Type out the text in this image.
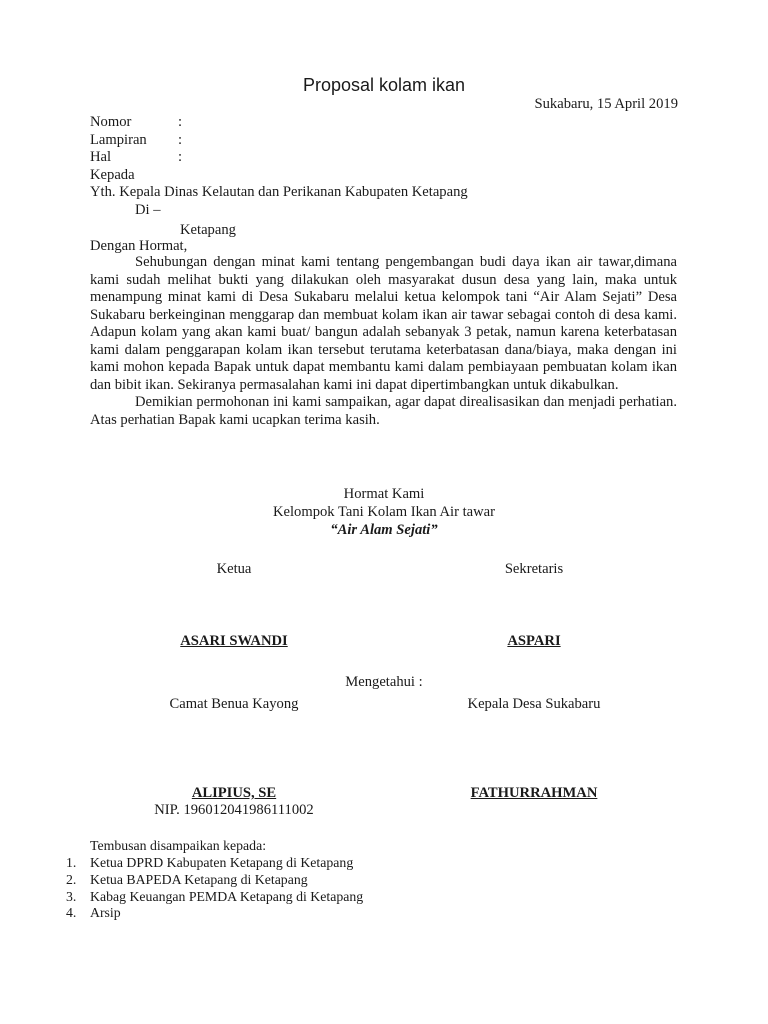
Proposal kolam ikan
Sukabaru, 15 April 2019
Nomor	:
Lampiran	:
Hal	:
Kepada
Yth. Kepala Dinas Kelautan dan Perikanan Kabupaten Ketapang
Di –
Ketapang
Dengan Hormat,

Sehubungan dengan minat kami tentang pengembangan budi daya ikan air tawar,dimana kami sudah melihat bukti yang dilakukan oleh masyarakat dusun desa yang lain, maka untuk menampung minat kami di Desa Sukabaru melalui ketua kelompok tani “Air Alam Sejati” Desa Sukabaru berkeinginan menggarap dan membuat kolam ikan air tawar sebagai contoh di desa kami. Adapun kolam yang akan kami buat/ bangun adalah sebanyak 3 petak, namun karena keterbatasan kami dalam penggarapan kolam ikan tersebut terutama keterbatasan dana/biaya, maka dengan ini kami mohon kepada Bapak untuk dapat membantu kami dalam pembiayaan pembuatan kolam ikan dan bibit ikan. Sekiranya permasalahan kami ini dapat dipertimbangkan untuk dikabulkan.

Demikian permohonan ini kami sampaikan, agar dapat direalisasikan dan menjadi perhatian. Atas perhatian Bapak kami ucapkan terima kasih.

Hormat Kami
Kelompok Tani Kolam Ikan Air tawar
“Air Alam Sejati”
Ketua	Sekretaris
ASARI SWANDI	ASPARI
Mengetahui :
Camat Benua Kayong	Kepala Desa Sukabaru
ALIPIUS, SE
NIP. 196012041986111002
FATHURRAHMAN
Tembusan disampaikan kepada:
1. Ketua DPRD Kabupaten Ketapang di Ketapang
2. Ketua BAPEDA Ketapang di Ketapang
3. Kabag Keuangan PEMDA Ketapang di Ketapang
4. Arsip
